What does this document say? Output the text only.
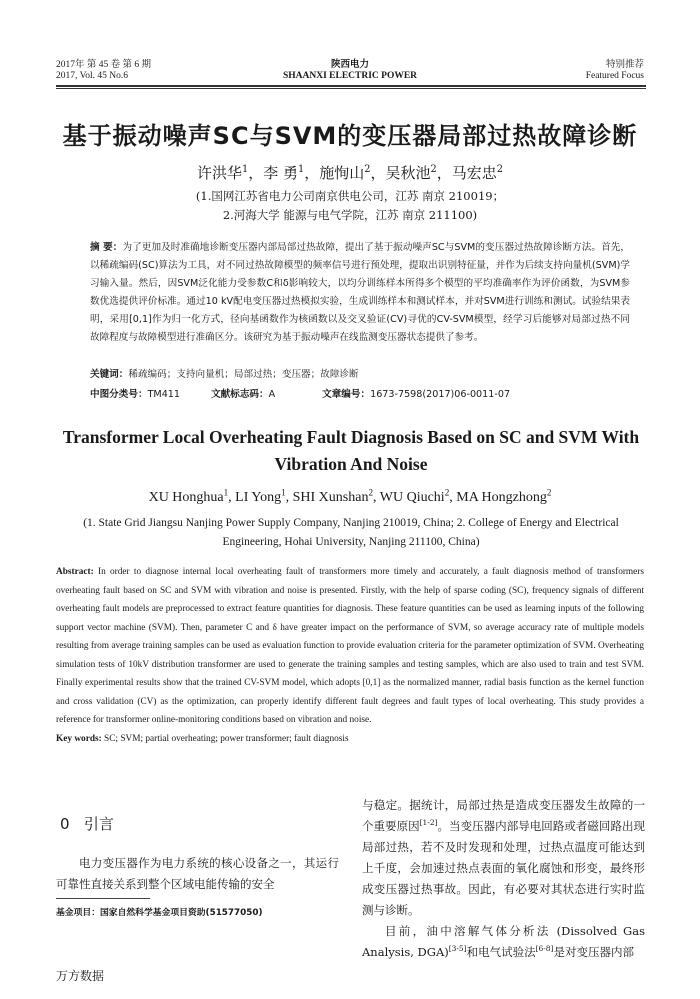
2017年 第 45 卷 第 6 期
2017, Vol. 45 No.6
陕西电力
SHAANXI ELECTRIC POWER
特别推荐
Featured Focus
基于振动噪声SC与SVM的变压器局部过热故障诊断
许洪华$^1$，李 勇$^1$，施恂山$^2$，吴秋池$^2$，马宏忠$^2$
(1.国网江苏省电力公司南京供电公司，江苏 南京 210019；
2.河海大学 能源与电气学院，江苏 南京 211100)
摘 要：为了更加及时准确地诊断变压器内部局部过热故障，提出了基于振动噪声SC与SVM的变压器过热故障诊断方法。首先，以稀疏编码(SC)算法为工具，对不同过热故障模型的频率信号进行预处理，提取出识别特征量，并作为后续支持向量机(SVM)学习输入量。然后，因SVM泛化能力受参数C和δ影响较大，以均分训练样本所得多个模型的平均准确率作为评价函数，为SVM参数优选提供评价标准。通过10 kV配电变压器过热模拟实验，生成训练样本和测试样本，并对SVM进行训练和测试。试验结果表明，采用[0,1]作为归一化方式，径向基函数作为核函数以及交叉验证(CV)寻优的CV-SVM模型，经学习后能够对局部过热不同故障程度与故障模型进行准确区分。该研究为基于振动噪声在线监测变压器状态提供了参考。
关键词：稀疏编码；支持向量机；局部过热；变压器；故障诊断
中图分类号：TM411	文献标志码：A	文章编号：1673-7598(2017)06-0011-07
Transformer Local Overheating Fault Diagnosis Based on SC and SVM With Vibration And Noise
XU Honghua$^1$, LI Yong$^1$, SHI Xunshan$^2$, WU Qiuchi$^2$, MA Hongzhong$^2$
(1. State Grid Jiangsu Nanjing Power Supply Company, Nanjing 210019, China; 2. College of Energy and Electrical Engineering, Hohai University, Nanjing 211100, China)
Abstract: In order to diagnose internal local overheating fault of transformers more timely and accurately, a fault diagnosis method of transformers overheating fault based on SC and SVM with vibration and noise is presented. Firstly, with the help of sparse coding (SC), frequency signals of different overheating fault models are preprocessed to extract feature quantities for diagnosis. These feature quantities can be used as learning inputs of the following support vector machine (SVM). Then, parameter C and δ have greater impact on the performance of SVM, so average accuracy rate of multiple models resulting from average training samples can be used as evaluation function to provide evaluation criteria for the parameter optimization of SVM. Overheating simulation tests of 10kV distribution transformer are used to generate the training samples and testing samples, which are also used to train and test SVM. Finally experimental results show that the trained CV-SVM model, which adopts [0,1] as the normalized manner, radial basis function as the kernel function and cross validation (CV) as the optimization, can properly identify different fault degrees and fault types of local overheating. This study provides a reference for transformer online-monitoring conditions based on vibration and noise.
Key words: SC; SVM; partial overheating; power transformer; fault diagnosis
0 引言
电力变压器作为电力系统的核心设备之一，其运行可靠性直接关系到整个区域电能传输的安全
基金项目：国家自然科学基金项目资助(51577050)
与稳定。据统计，局部过热是造成变压器发生故障的一个重要原因[1-2]。当变压器内部导电回路或者磁回路出现局部过热，若不及时发现和处理，过热点温度可能达到上千度，会加速过热点表面的氧化腐蚀和形变，最终形成变压器过热事故。因此，有必要对其状态进行实时监测与诊断。
目前，油中溶解气体分析法 (Dissolved Gas Analysis, DGA)[3-5]和电气试验法[6-8]是对变压器内部
万方数据
